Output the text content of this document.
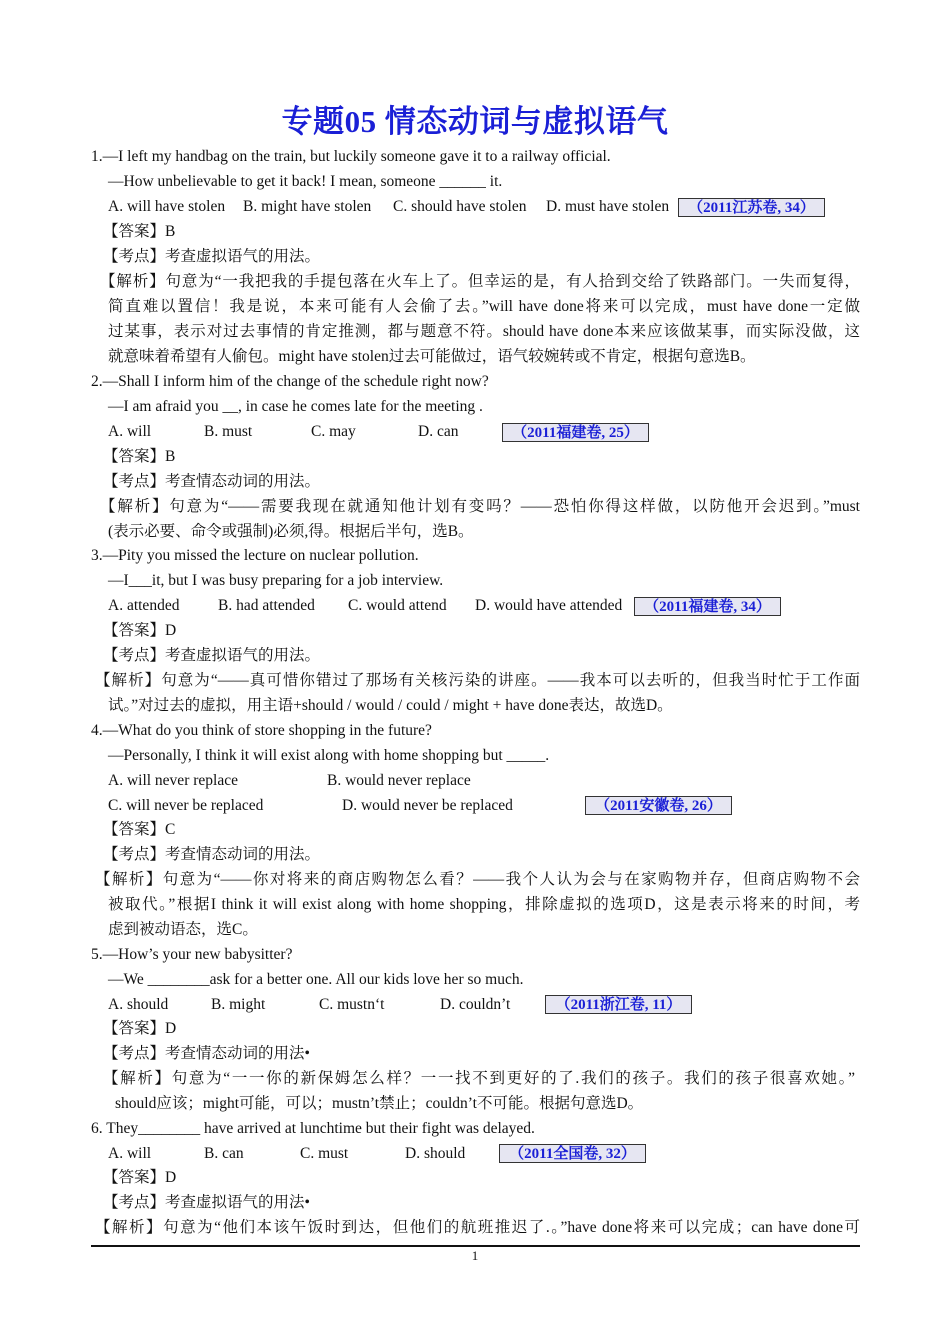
专题05 情态动词与虚拟语气
1.—I left my handbag on the train, but luckily someone gave it to a railway official.
—How unbelievable to get it back! I mean, someone ______ it.
A. will have stolen B. might have stolen C. should have stolen D. must have stolen	（2011江苏卷, 34）
【答案】B
【考点】考查虚拟语气的用法。
【解析】句意为“一我把我的手提包落在火车上了。但幸运的是，有人拾到交给了铁路部门。一失而复得，
简直难以置信！我是说，本来可能有人会偷了去。”will have done将来可以完成，must have done一定做
过某事，表示对过去事情的肯定推测，都与题意不符。should have done本来应该做某事，而实际没做，这
就意味着希望有人偷包。might have stolen过去可能做过，语气较婉转或不肯定，根据句意选B。
2.—Shall I inform him of the change of the schedule right now?
—I am afraid you __, in case he comes late for the meeting .
A. will	B. must	C. may	D. can	（2011福建卷, 25）
【答案】B
【考点】考查情态动词的用法。
【解析】句意为“——需要我现在就通知他计划有变吗？——恐怕你得这样做，以防他开会迟到。”must
(表示必要、命令或强制)必须,得。根据后半句，选B。
3.—Pity you missed the lecture on nuclear pollution.
—I___it, but I was busy preparing for a job interview.
A. attended B. had attended C. would attend D. would have attended	（2011福建卷, 34）
【答案】D
【考点】考查虚拟语气的用法。
【解析】句意为“——真可惜你错过了那场有关核污染的讲座。——我本可以去听的，但我当时忙于工作面
试。”对过去的虚拟，用主语+should / would / could / might + have done表达，故选D。
4.—What do you think of store shopping in the future?
—Personally, I think it will exist along with home shopping but _____.
A. will never replace	B. would never replace
C. will never be replaced	D. would never be replaced	（2011安徽卷, 26）
【答案】C
【考点】考查情态动词的用法。
【解析】句意为“——你对将来的商店购物怎么看？——我个人认为会与在家购物并存，但商店购物不会
被取代。”根据I think it will exist along with home shopping，排除虚拟的选项D，这是表示将来的时间，考
虑到被动语态，选C。
5.—How’s your new babysitter?
—We ________ask for a better one. All our kids love her so much.
A. should	B. might	C. mustn‘t	D. couldn’t	（2011浙江卷, 11）
【答案】D
【考点】考查情态动词的用法•
【解析】句意为“一一你的新保姆怎么样？一一找不到更好的了.我们的孩子。我们的孩子很喜欢她。”
should应该；might可能，可以；mustn’t禁止；couldn’t不可能。根据句意选D。
6. They________ have arrived at lunchtime but their fight was delayed.
A. will	B. can	C. must	D. should	（2011全国卷, 32）
【答案】D
【考点】考查虚拟语气的用法•
【解析】句意为“他们本该午饭时到达，但他们的航班推迟了.。”have done将来可以完成；can have done可
1
